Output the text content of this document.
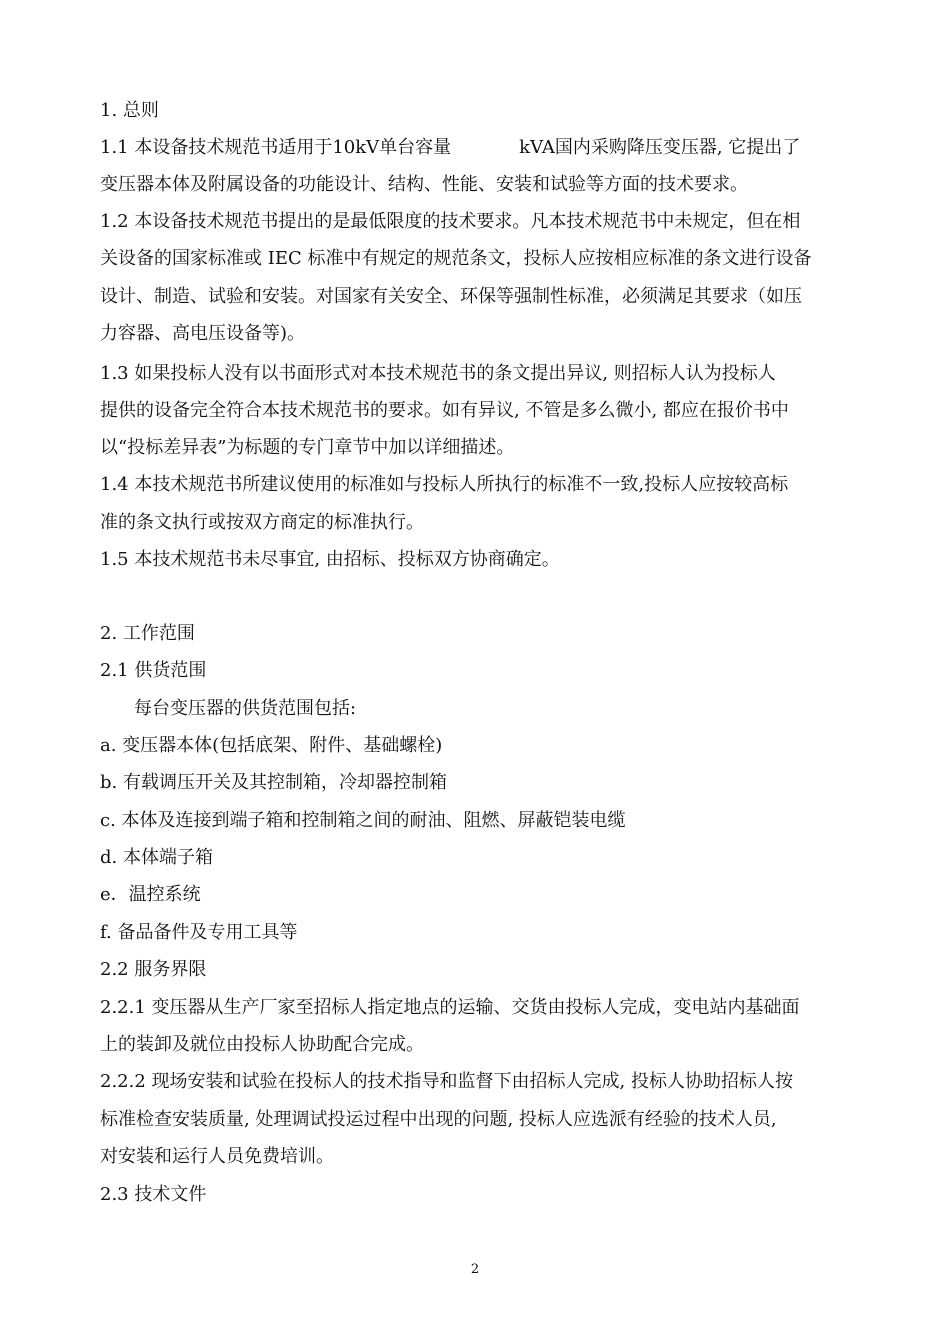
1. 总则
1.1 本设备技术规范书适用于10kV单台容量	kVA国内采购降压变压器, 它提出了
变压器本体及附属设备的功能设计、结构、性能、安装和试验等方面的技术要求。
1.2 本设备技术规范书提出的是最低限度的技术要求。凡本技术规范书中未规定，但在相
关设备的国家标准或 IEC 标准中有规定的规范条文，投标人应按相应标准的条文进行设备
设计、制造、试验和安装。对国家有关安全、环保等强制性标准，必须满足其要求（如压
力容器、高电压设备等)。
1.3 如果投标人没有以书面形式对本技术规范书的条文提出异议, 则招标人认为投标人
提供的设备完全符合本技术规范书的要求。如有异议, 不管是多么微小, 都应在报价书中
以“投标差异表”为标题的专门章节中加以详细描述。
1.4 本技术规范书所建议使用的标准如与投标人所执行的标准不一致,投标人应按较高标
准的条文执行或按双方商定的标准执行。
1.5 本技术规范书未尽事宜, 由招标、投标双方协商确定。
2. 工作范围
2.1 供货范围
每台变压器的供货范围包括:
a. 变压器本体(包括底架、附件、基础螺栓)
b. 有载调压开关及其控制箱，冷却器控制箱
c. 本体及连接到端子箱和控制箱之间的耐油、阻燃、屏蔽铠装电缆
d. 本体端子箱
e．温控系统
f. 备品备件及专用工具等
2.2 服务界限
2.2.1 变压器从生产厂家至招标人指定地点的运输、交货由投标人完成，变电站内基础面
上的装卸及就位由投标人协助配合完成。
2.2.2 现场安装和试验在投标人的技术指导和监督下由招标人完成, 投标人协助招标人按
标准检查安装质量, 处理调试投运过程中出现的问题, 投标人应选派有经验的技术人员,
对安装和运行人员免费培训。
2.3 技术文件
2
